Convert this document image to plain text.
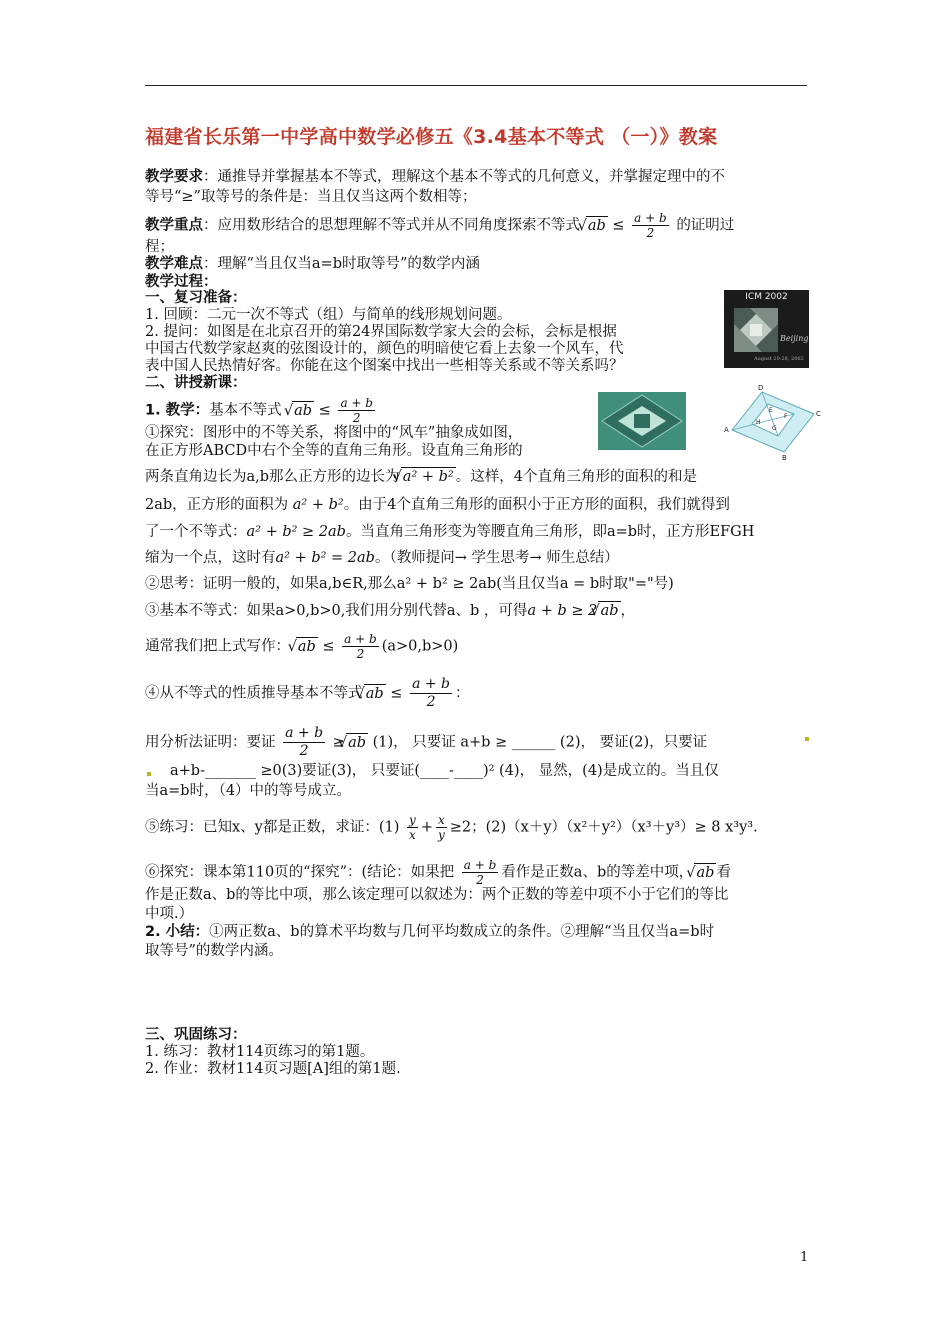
福建省长乐第一中学高中数学必修五《3.4基本不等式 （一）》教案
教学要求：通推导并掌握基本不等式，理解这个基本不等式的几何意义，并掌握定理中的不
等号“≥”取等号的条件是：当且仅当这两个数相等；
教学重点：应用数形结合的思想理解不等式并从不同角度探索不等式 √ ab ≤ $\frac{a + b}{2}$ 的证明过
程；
教学难点：理解“当且仅当a=b时取等号”的数学内涵
教学过程：
一、复习准备：
1. 回顾：二元一次不等式（组）与简单的线形规划问题。
2. 提问：如图是在北京召开的第24界国际数学家大会的会标，会标是根据
中国古代数学家赵爽的弦图设计的，颜色的明暗使它看上去象一个风车，代
表中国人民热情好客。你能在这个图案中找出一些相等关系或不等关系吗？
ICM 2002
Beijing
August 20-28, 2002
二、讲授新课：
1. 教学：基本不等式 √ ab ≤ $\frac{a + b}{2}$
D
C
A
B
E
F
G
H
①探究：图形中的不等关系，将图中的“风车”抽象成如图，
在正方形ABCD中右个全等的直角三角形。设直角三角形的
两条直角边长为a,b那么正方形的边长为 √ a² + b² 。这样，4个直角三角形的面积的和是
2ab，正方形的面积为 a² + b²。由于4个直角三角形的面积小于正方形的面积，我们就得到
了一个不等式：a² + b² ≥ 2ab。当直角三角形变为等腰直角三角形，即a=b时，正方形EFGH
缩为一个点，这时有a² + b² = 2ab。（教师提问→ 学生思考→ 师生总结）
②思考：证明一般的，如果a,b∈R,那么a² + b² ≥ 2ab(当且仅当a = b时取"="号)
③基本不等式：如果a>0,b>0,我们用分别代替a、b ，可得a + b ≥ 2 √ ab ，
通常我们把上式写作： √ ab ≤ $\frac{a + b}{2} (a>0,b>0)$
④从不等式的性质推导基本不等式 √ ab ≤ $\frac{a + b}{2}$ ：
用分析法证明：要证 $\frac{a + b}{2}$ ≥ √ ab (1)， 只要证 a+b ≥ ______ (2)， 要证(2)，只要证
a+b-_______ ≥0(3)要证(3)， 只要证(____-____)² (4)， 显然，(4)是成立的。当且仅
当a=b时，（4）中的等号成立。
⑤练习：已知x、y都是正数，求证：$(1) \frac{y}{x} + \frac{x}{y} \ge 2$；(2)（x＋y）（x²＋y²）（x³＋y³）≥ 8 x³y³.
⑥探究：课本第110页的“探究”：(结论：如果把 $\frac{a + b}{2}$ 看作是正数a、b的等差中项， √ ab 看
作是正数a、b的等比中项，那么该定理可以叙述为：两个正数的等差中项不小于它们的等比
中项.）
2. 小结：①两正数a、b的算术平均数与几何平均数成立的条件。②理解“当且仅当a=b时
取等号”的数学内涵。
三、巩固练习：
1. 练习：教材114页练习的第1题。
2. 作业：教材114页习题[A]组的第1题.
1
